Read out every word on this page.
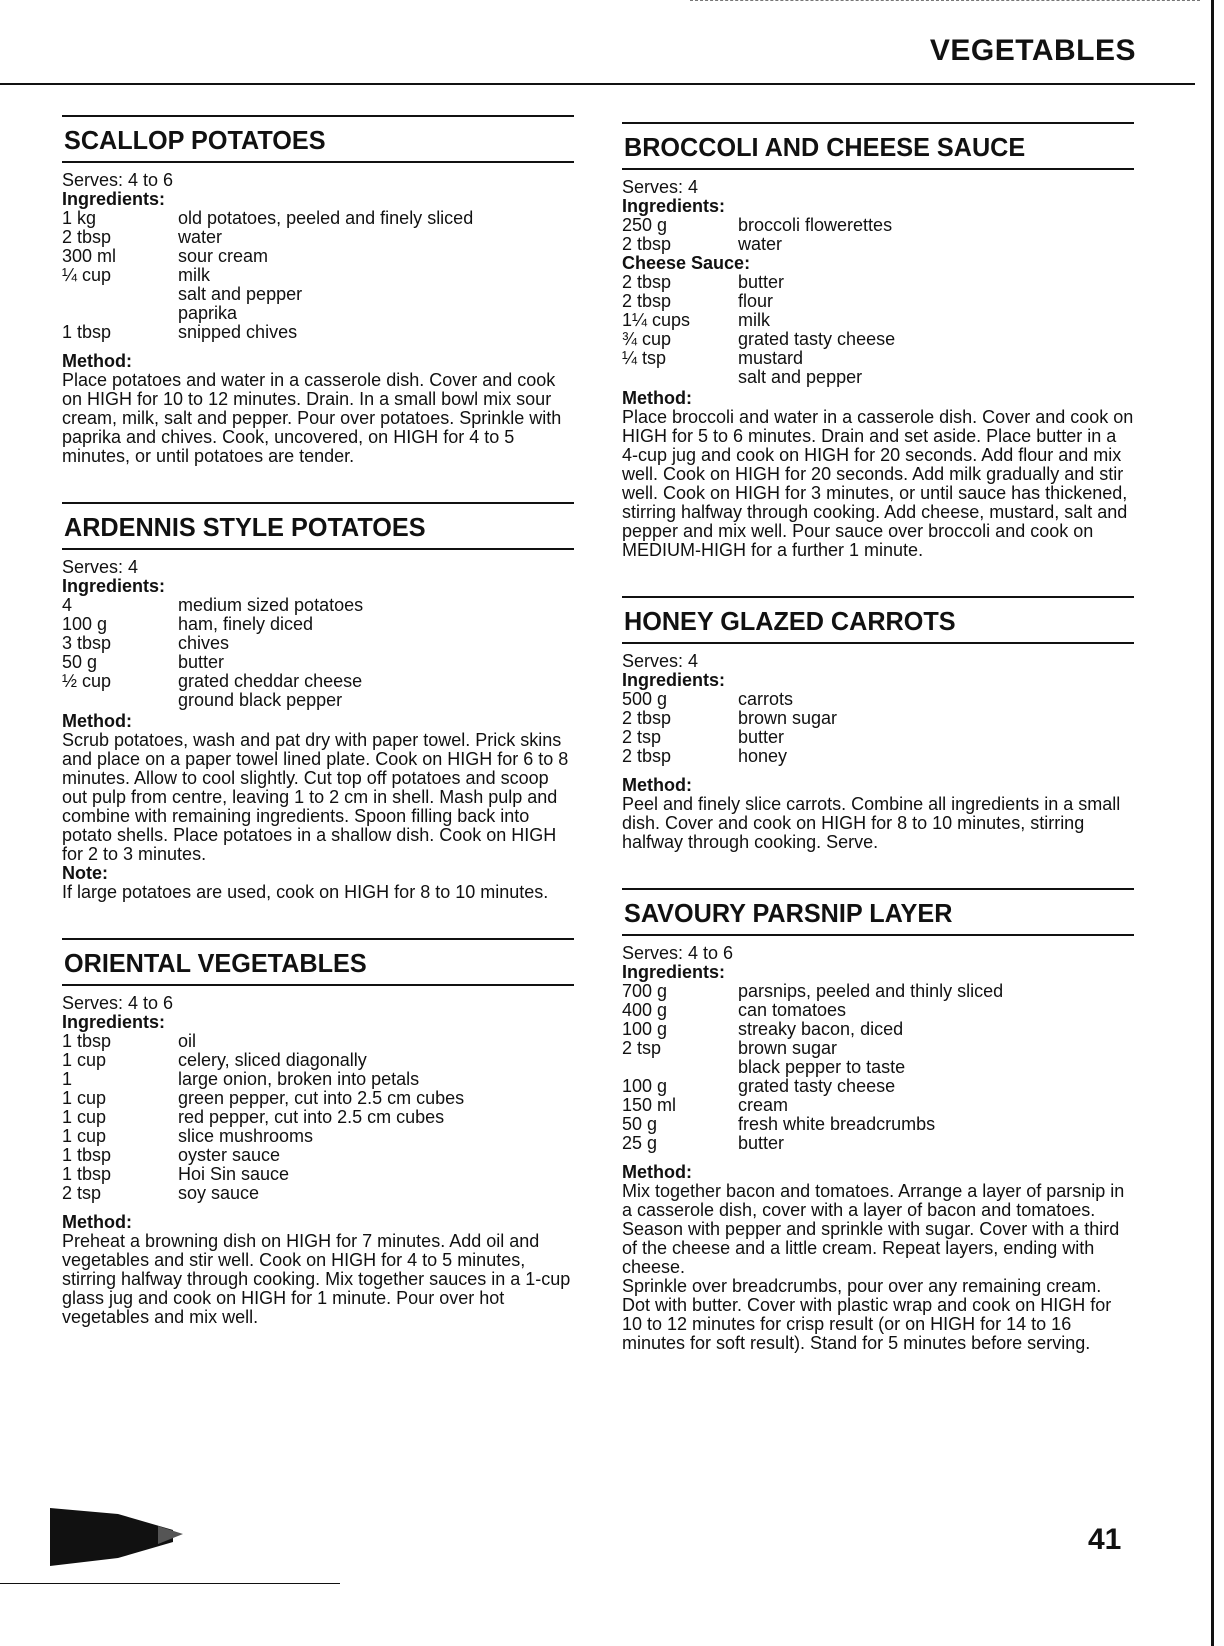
VEGETABLES
SCALLOP POTATOES
Serves: 4 to 6
Ingredients:
1 kg	old potatoes, peeled and finely sliced
2 tbsp	water
300 ml	sour cream
¼ cup	milk
salt and pepper
paprika
1 tbsp	snipped chives
Method:
Place potatoes and water in a casserole dish. Cover and cook on HIGH for 10 to 12 minutes. Drain. In a small bowl mix sour cream, milk, salt and pepper. Pour over potatoes. Sprinkle with paprika and chives. Cook, uncovered, on HIGH for 4 to 5 minutes, or until potatoes are tender.
ARDENNIS STYLE POTATOES
Serves: 4
Ingredients:
4	medium sized potatoes
100 g	ham, finely diced
3 tbsp	chives
50 g	butter
½ cup	grated cheddar cheese
ground black pepper
Method:
Scrub potatoes, wash and pat dry with paper towel. Prick skins and place on a paper towel lined plate. Cook on HIGH for 6 to 8 minutes. Allow to cool slightly. Cut top off potatoes and scoop out pulp from centre, leaving 1 to 2 cm in shell. Mash pulp and combine with remaining ingredients. Spoon filling back into potato shells. Place potatoes in a shallow dish. Cook on HIGH for 2 to 3 minutes.
Note:
If large potatoes are used, cook on HIGH for 8 to 10 minutes.
ORIENTAL VEGETABLES
Serves: 4 to 6
Ingredients:
1 tbsp	oil
1 cup	celery, sliced diagonally
1	large onion, broken into petals
1 cup	green pepper, cut into 2.5 cm cubes
1 cup	red pepper, cut into 2.5 cm cubes
1 cup	slice mushrooms
1 tbsp	oyster sauce
1 tbsp	Hoi Sin sauce
2 tsp	soy sauce
Method:
Preheat a browning dish on HIGH for 7 minutes. Add oil and vegetables and stir well. Cook on HIGH for 4 to 5 minutes, stirring halfway through cooking. Mix together sauces in a 1-cup glass jug and cook on HIGH for 1 minute. Pour over hot vegetables and mix well.
BROCCOLI AND CHEESE SAUCE
Serves: 4
Ingredients:
250 g	broccoli flowerettes
2 tbsp	water
Cheese Sauce:
2 tbsp	butter
2 tbsp	flour
1¼ cups	milk
¾ cup	grated tasty cheese
¼ tsp	mustard
salt and pepper
Method:
Place broccoli and water in a casserole dish. Cover and cook on HIGH for 5 to 6 minutes. Drain and set aside. Place butter in a 4-cup jug and cook on HIGH for 20 seconds. Add flour and mix well. Cook on HIGH for 20 seconds. Add milk gradually and stir well. Cook on HIGH for 3 minutes, or until sauce has thickened, stirring halfway through cooking. Add cheese, mustard, salt and pepper and mix well. Pour sauce over broccoli and cook on MEDIUM-HIGH for a further 1 minute.
HONEY GLAZED CARROTS
Serves: 4
Ingredients:
500 g	carrots
2 tbsp	brown sugar
2 tsp	butter
2 tbsp	honey
Method:
Peel and finely slice carrots. Combine all ingredients in a small dish. Cover and cook on HIGH for 8 to 10 minutes, stirring halfway through cooking. Serve.
SAVOURY PARSNIP LAYER
Serves: 4 to 6
Ingredients:
700 g	parsnips, peeled and thinly sliced
400 g	can tomatoes
100 g	streaky bacon, diced
2 tsp	brown sugar
black pepper to taste
100 g	grated tasty cheese
150 ml	cream
50 g	fresh white breadcrumbs
25 g	butter
Method:
Mix together bacon and tomatoes. Arrange a layer of parsnip in a casserole dish, cover with a layer of bacon and tomatoes. Season with pepper and sprinkle with sugar. Cover with a third of the cheese and a little cream. Repeat layers, ending with cheese.
Sprinkle over breadcrumbs, pour over any remaining cream. Dot with butter. Cover with plastic wrap and cook on HIGH for 10 to 12 minutes for crisp result (or on HIGH for 14 to 16 minutes for soft result). Stand for 5 minutes before serving.
41
